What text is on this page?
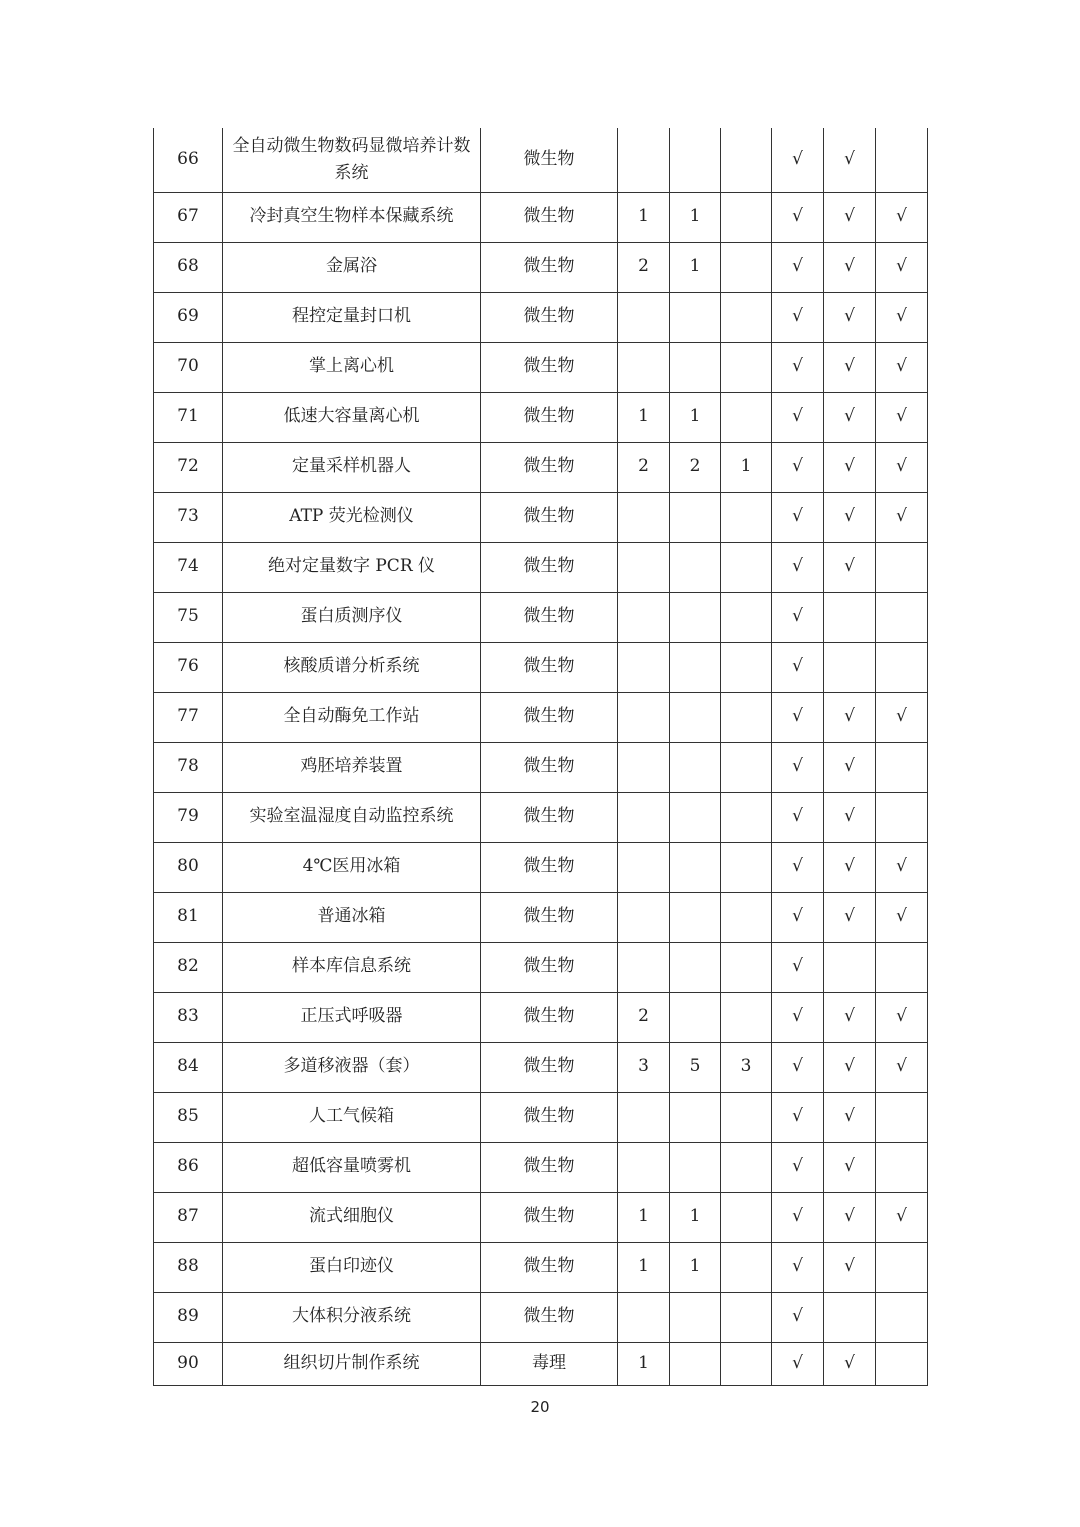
66	全自动微生物数码显微培养计数系统	微生物				√	√	
67	冷封真空生物样本保藏系统	微生物	1	1		√	√	√
68	金属浴	微生物	2	1		√	√	√
69	程控定量封口机	微生物				√	√	√
70	掌上离心机	微生物				√	√	√
71	低速大容量离心机	微生物	1	1		√	√	√
72	定量采样机器人	微生物	2	2	1	√	√	√
73	ATP 荧光检测仪	微生物				√	√	√
74	绝对定量数字 PCR 仪	微生物				√	√	
75	蛋白质测序仪	微生物				√		
76	核酸质谱分析系统	微生物				√		
77	全自动酶免工作站	微生物				√	√	√
78	鸡胚培养装置	微生物				√	√	
79	实验室温湿度自动监控系统	微生物				√	√	
80	4℃医用冰箱	微生物				√	√	√
81	普通冰箱	微生物				√	√	√
82	样本库信息系统	微生物				√		
83	正压式呼吸器	微生物	2			√	√	√
84	多道移液器（套）	微生物	3	5	3	√	√	√
85	人工气候箱	微生物				√	√	
86	超低容量喷雾机	微生物				√	√	
87	流式细胞仪	微生物	1	1		√	√	√
88	蛋白印迹仪	微生物	1	1		√	√	
89	大体积分液系统	微生物				√		
90	组织切片制作系统	毒理	1			√	√	
20
